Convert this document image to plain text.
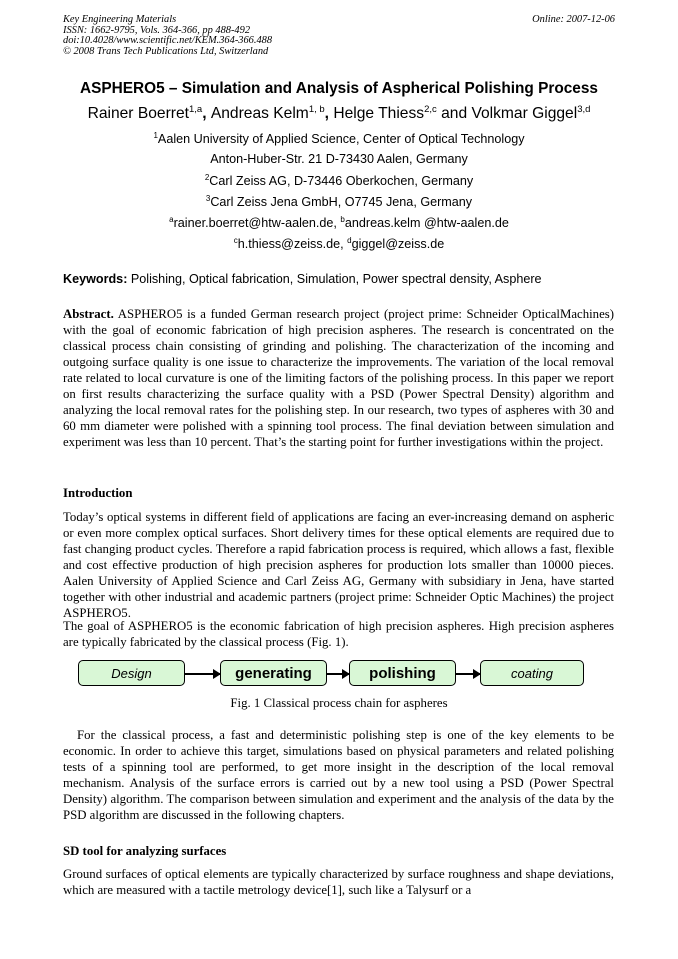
Key Engineering Materials
ISSN: 1662-9795, Vols. 364-366, pp 488-492
doi:10.4028/www.scientific.net/KEM.364-366.488
© 2008 Trans Tech Publications Ltd, Switzerland
Online: 2007-12-06
ASPHERO5 – Simulation and Analysis of Aspherical Polishing Process
Rainer Boerret$^{1,a}$, Andreas Kelm$^{1, b}$, Helge Thiess$^{2,c}$ and Volkmar Giggel$^{3,d}$
$^1$Aalen University of Applied Science, Center of Optical Technology
Anton-Huber-Str. 21 D-73430 Aalen, Germany
$^2$Carl Zeiss AG, D-73446 Oberkochen, Germany
$^3$Carl Zeiss Jena GmbH, O7745 Jena, Germany
$^a$rainer.boerret@htw-aalen.de, $^b$andreas.kelm @htw-aalen.de
$^c$h.thiess@zeiss.de, $^d$giggel@zeiss.de
Keywords: Polishing, Optical fabrication, Simulation, Power spectral density, Asphere
Abstract. ASPHERO5 is a funded German research project (project prime: Schneider OpticalMachines) with the goal of economic fabrication of high precision aspheres. The research is concentrated on the classical process chain consisting of grinding and polishing. The characterization of the incoming and outgoing surface quality is one issue to characterize the improvements. The variation of the local removal rate related to local curvature is one of the limiting factors of the polishing process. In this paper we report on first results characterizing the surface quality with a PSD (Power Spectral Density) algorithm and analyzing the local removal rates for the polishing step. In our research, two types of aspheres with 30 and 60 mm diameter were polished with a spinning tool process. The final deviation between simulation and experiment was less than 10 percent. That’s the starting point for further investigations within the project.
Introduction
Today’s optical systems in different field of applications are facing an ever-increasing demand on aspheric or even more complex optical surfaces. Short delivery times for these optical elements are required due to fast changing product cycles. Therefore a rapid fabrication process is required, which allows a fast, flexible and cost effective production of high precision aspheres for production lots smaller than 10000 pieces. Aalen University of Applied Science and Carl Zeiss AG, Germany with subsidiary in Jena, have started together with other industrial and academic partners (project prime: Schneider Optic Machines) the project ASPHERO5.
The goal of ASPHERO5 is the economic fabrication of high precision aspheres. High precision aspheres are typically fabricated by the classical process (Fig. 1).
Design	generating	polishing	coating
Fig. 1 Classical process chain for aspheres
For the classical process, a fast and deterministic polishing step is one of the key elements to be economic. In order to achieve this target, simulations based on physical parameters and related polishing tests of a spinning tool are performed, to get more insight in the description of the local removal mechanism. Analysis of the surface errors is carried out by a new tool using a PSD (Power Spectral Density) algorithm. The comparison between simulation and experiment and the analysis of the data by the PSD algorithm are discussed in the following chapters.
SD tool for analyzing surfaces
Ground surfaces of optical elements are typically characterized by surface roughness and shape deviations, which are measured with a tactile metrology device[1], such like a Talysurf or a
